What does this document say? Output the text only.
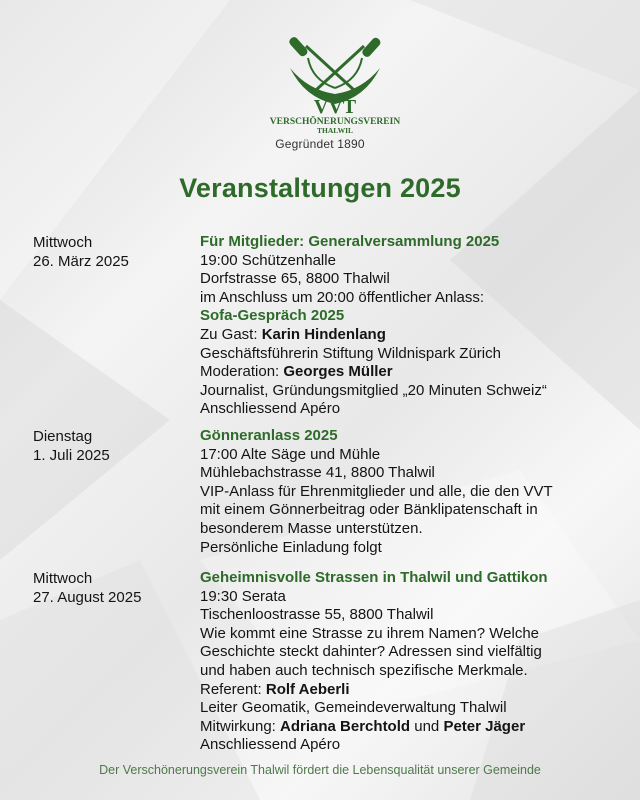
VVT
VERSCHÖNERUNGSVEREIN
THALWIL
Gegründet 1890
Veranstaltungen 2025
Mittwoch
26. März 2025
Für Mitglieder: Generalversammlung 2025
19:00 Schützenhalle
Dorfstrasse 65, 8800 Thalwil
im Anschluss um 20:00 öffentlicher Anlass:
Sofa-Gespräch 2025
Zu Gast: Karin Hindenlang
Geschäftsführerin Stiftung Wildnispark Zürich
Moderation: Georges Müller
Journalist, Gründungsmitglied „20 Minuten Schweiz“
Anschliessend Apéro
Dienstag
1. Juli 2025
Gönneranlass 2025
17:00 Alte Säge und Mühle
Mühlebachstrasse 41, 8800 Thalwil
VIP-Anlass für Ehrenmitglieder und alle, die den VVT
mit einem Gönnerbeitrag oder Bänklipatenschaft in
besonderem Masse unterstützen.
Persönliche Einladung folgt
Mittwoch
27. August 2025
Geheimnisvolle Strassen in Thalwil und Gattikon
19:30 Serata
Tischenloostrasse 55, 8800 Thalwil
Wie kommt eine Strasse zu ihrem Namen? Welche
Geschichte steckt dahinter? Adressen sind vielfältig
und haben auch technisch spezifische Merkmale.
Referent: Rolf Aeberli
Leiter Geomatik, Gemeindeverwaltung Thalwil
Mitwirkung: Adriana Berchtold und Peter Jäger
Anschliessend Apéro
Der Verschönerungsverein Thalwil fördert die Lebensqualität unserer Gemeinde
